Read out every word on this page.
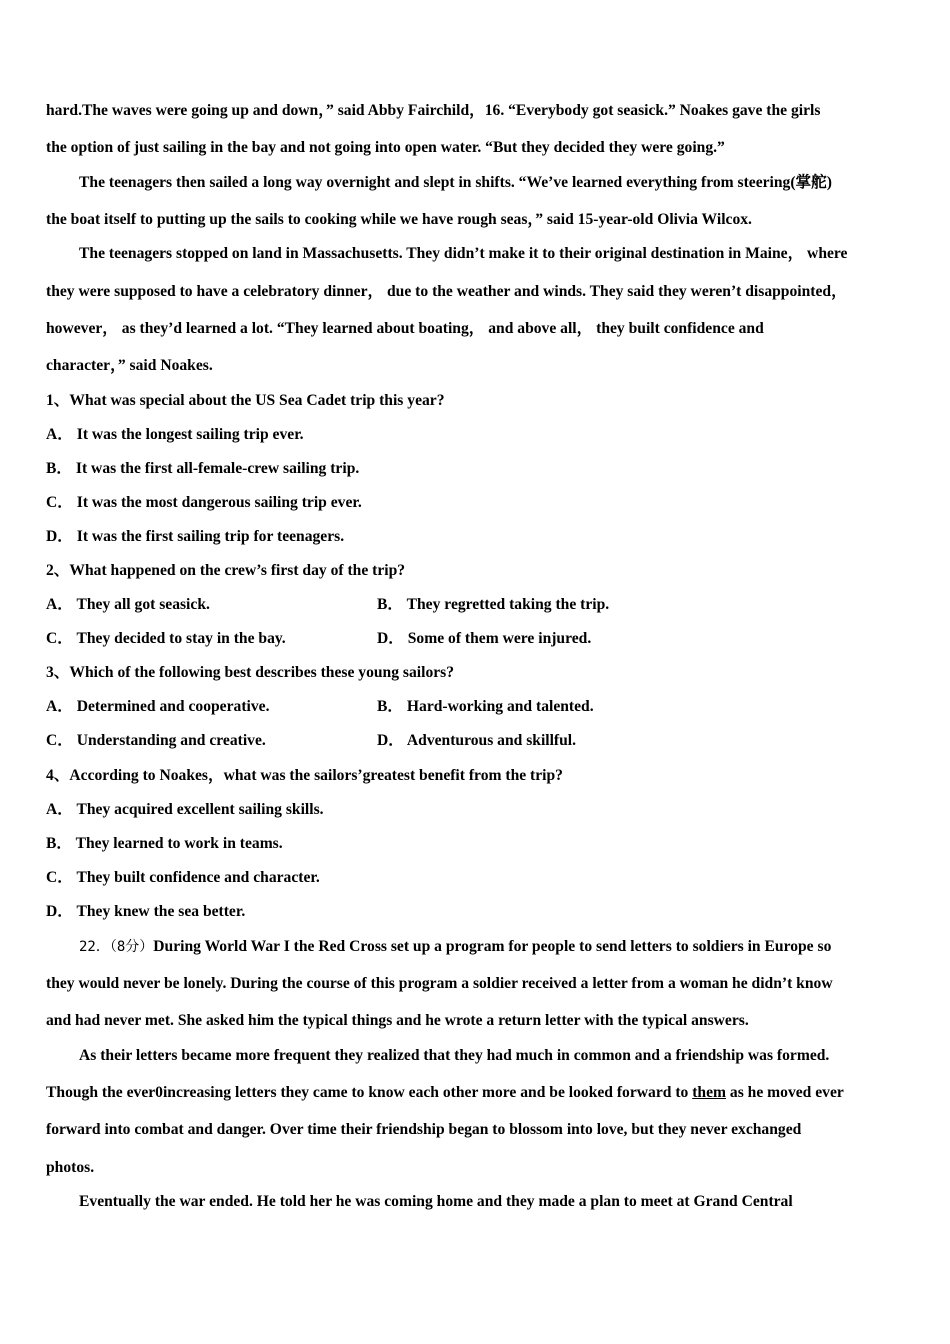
hard.The waves were going up and down，” said Abby Fairchild，16. “Everybody got seasick.” Noakes gave the girls
the option of just sailing in the bay and not going into open water. “But they decided they were going.”
The teenagers then sailed a long way overnight and slept in shifts. “We’ve learned everything from steering(掌舵)
the boat itself to putting up the sails to cooking while we have rough seas，” said 15-year-old Olivia Wilcox.
The teenagers stopped on land in Massachusetts. They didn’t make it to their original destination in Maine， where
they were supposed to have a celebratory dinner， due to the weather and winds. They said they weren’t disappointed，
however， as they’d learned a lot. “They learned about boating， and above all， they built confidence and
character，” said Noakes.
1、What was special about the US Sea Cadet trip this year?
A． It was the longest sailing trip ever.
B． It was the first all-female-crew sailing trip.
C． It was the most dangerous sailing trip ever.
D． It was the first sailing trip for teenagers.
2、What happened on the crew’s first day of the trip?
A． They all got seasick.	B． They regretted taking the trip.
C． They decided to stay in the bay.	D． Some of them were injured.
3、Which of the following best describes these young sailors?
A． Determined and cooperative.	B． Hard-working and talented.
C． Understanding and creative.	D． Adventurous and skillful.
4、According to Noakes，what was the sailors’greatest benefit from the trip?
A． They acquired excellent sailing skills.
B． They learned to work in teams.
C． They built confidence and character.
D． They knew the sea better.
22．（8分）During World War I the Red Cross set up a program for people to send letters to soldiers in Europe so
they would never be lonely. During the course of this program a soldier received a letter from a woman he didn’t know
and had never met. She asked him the typical things and he wrote a return letter with the typical answers.
As their letters became more frequent they realized that they had much in common and a friendship was formed.
Though the ever0increasing letters they came to know each other more and be looked forward to them as he moved ever
forward into combat and danger. Over time their friendship began to blossom into love, but they never exchanged
photos.
Eventually the war ended. He told her he was coming home and they made a plan to meet at Grand Central
